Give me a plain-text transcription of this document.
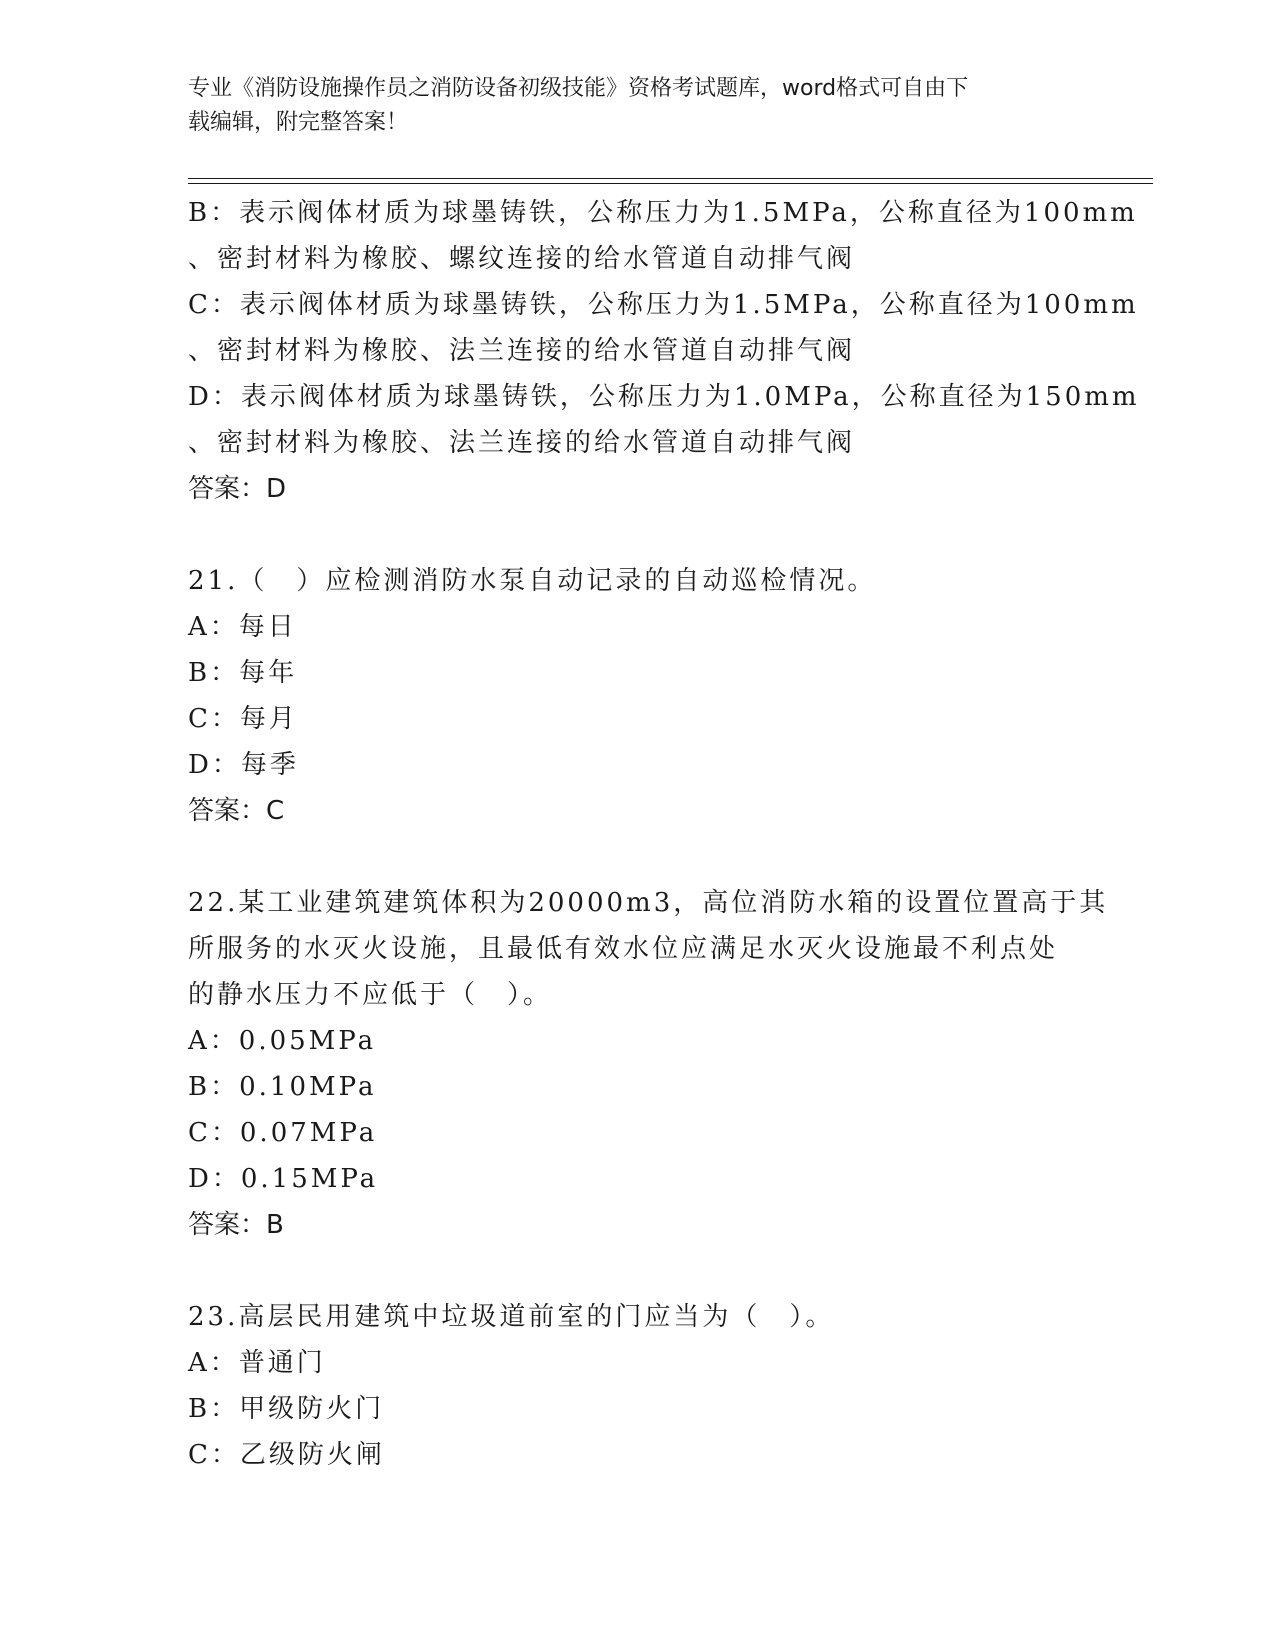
专业《消防设施操作员之消防设备初级技能》资格考试题库，word格式可自由下
载编辑，附完整答案！
B：表示阀体材质为球墨铸铁，公称压力为1.5MPa，公称直径为100mm
、密封材料为橡胶、螺纹连接的给水管道自动排气阀
C：表示阀体材质为球墨铸铁，公称压力为1.5MPa，公称直径为100mm
、密封材料为橡胶、法兰连接的给水管道自动排气阀
D：表示阀体材质为球墨铸铁，公称压力为1.0MPa，公称直径为150mm
、密封材料为橡胶、法兰连接的给水管道自动排气阀
答案：D
21.（　）应检测消防水泵自动记录的自动巡检情况。
A：每日
B：每年
C：每月
D：每季
答案：C
22.某工业建筑建筑体积为20000m3，高位消防水箱的设置位置高于其
所服务的水灭火设施，且最低有效水位应满足水灭火设施最不利点处
的静水压力不应低于（　）。
A：0.05MPa
B：0.10MPa
C：0.07MPa
D：0.15MPa
答案：B
23.高层民用建筑中垃圾道前室的门应当为（　）。
A：普通门
B：甲级防火门
C：乙级防火闸
